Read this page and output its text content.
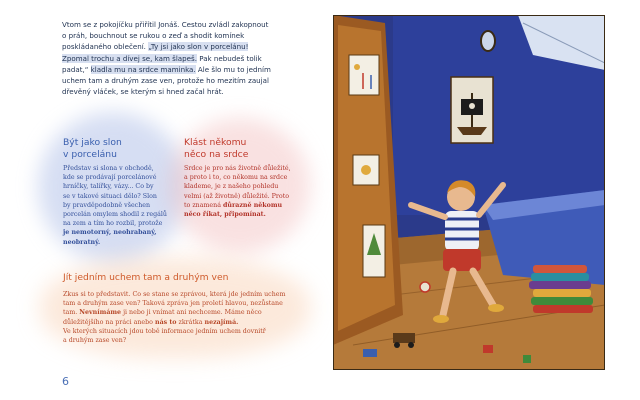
Vtom se z pokojíčku přiřítil Jonáš. Cestou zvládl zakopnout
o práh, bouchnout se rukou o zeď a shodit komínek
poskládaného oblečení. „Ty jsi jako slon v porcelánu!
Zpomal trochu a dívej se, kam šlapeš. Pak nebudeš tolik
padat,“ kladla mu na srdce maminka. Ale šlo mu to jedním
uchem tam a druhým zase ven, protože ho mezitím zaujal
dřevěný vláček, se kterým si hned začal hrát.

Být jako slon
v porcelánu
Představ si slona v obchodě,
kde se prodávají porcelánové
hrníčky, talířky, vázy... Co by
se v takové situaci dělo? Slon
by pravděpodobně všechen
porcelán omylem shodil z regálů
na zem a tím ho rozbil, protože
je nemotorný, neohrabaný,
neobratný.
Klást někomu
něco na srdce
Srdce je pro nás životně důležité,
a proto i to, co někomu na srdce
klademe, je z našeho pohledu
velmi (až životně) důležité. Proto
to znamená důrazně někomu
něco říkat, připomínat.
Jít jedním uchem tam a druhým ven
Zkus si to představit. Co se stane se zprávou, která jde jedním uchem
tam a druhým zase ven? Taková zpráva jen proletí hlavou, nezůstane
tam. Nevnímáme ji nebo ji vnímat ani nechceme. Máme něco
důležitějšího na práci anebo nás to zkrátka nezajímá.
Ve kterých situacích jdou tobě informace jedním uchem dovnitř
a druhým zase ven?
6
